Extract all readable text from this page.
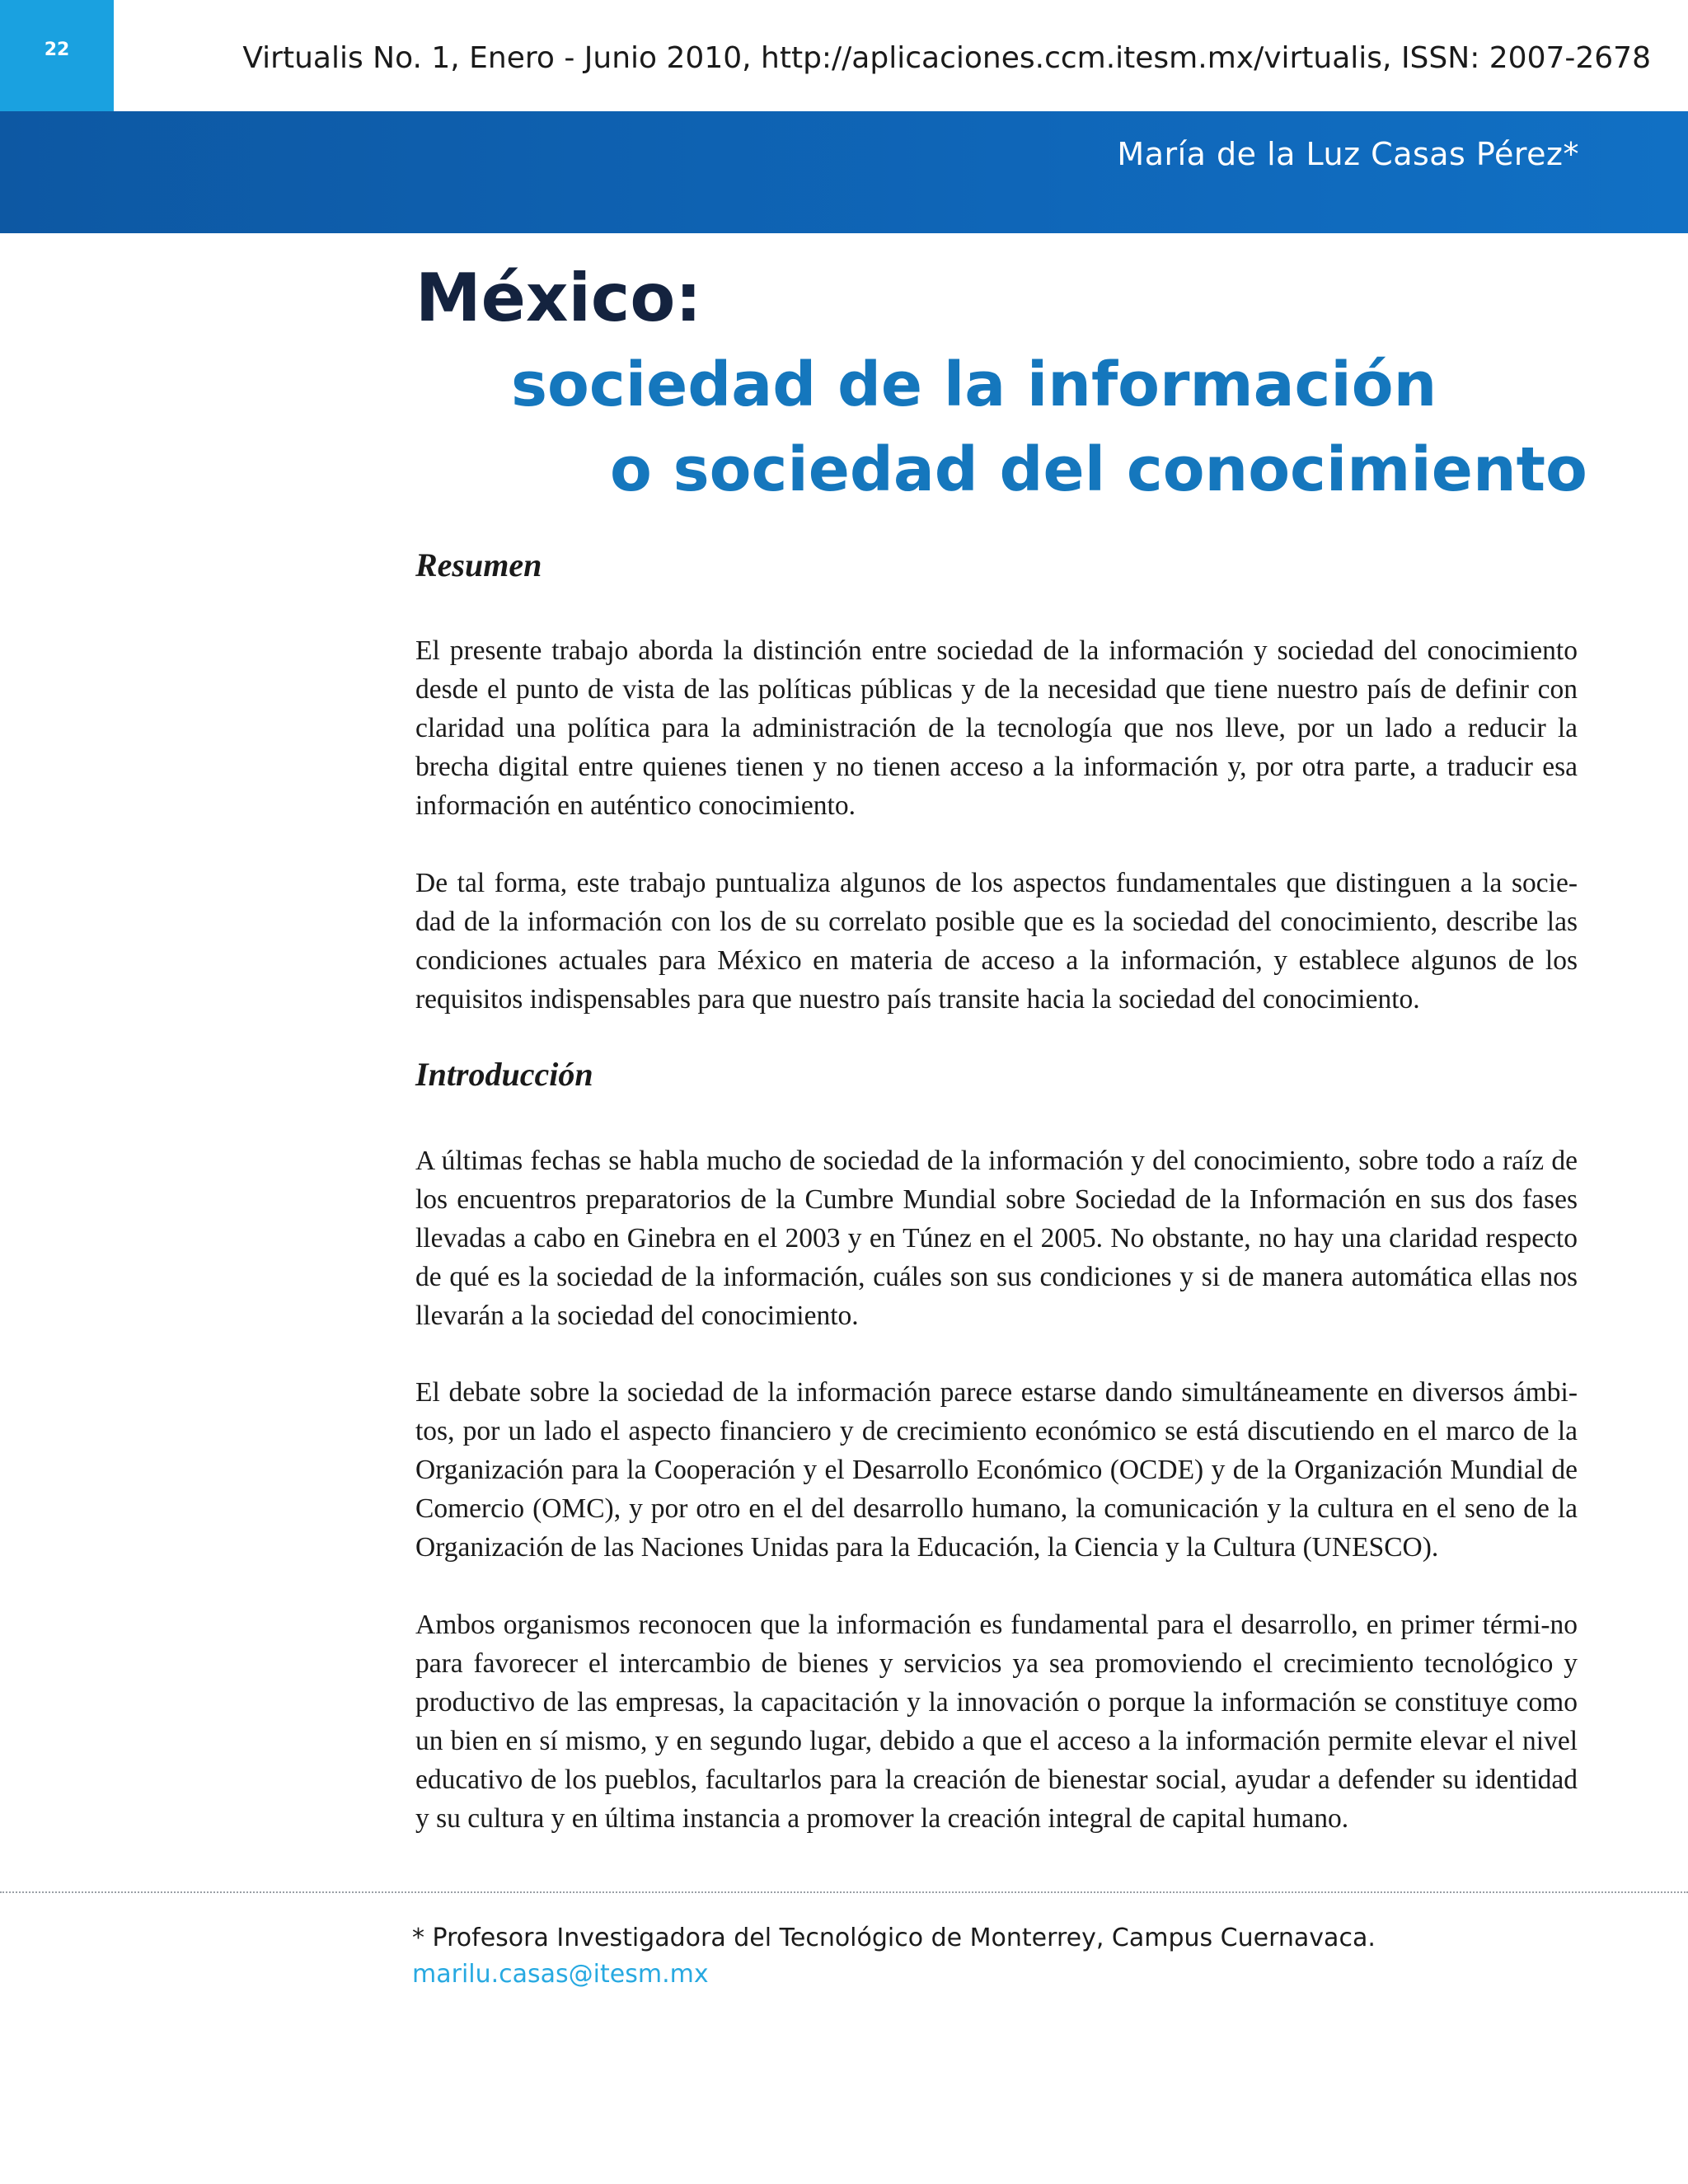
22	Virtualis No. 1, Enero - Junio 2010, http://aplicaciones.ccm.itesm.mx/virtualis, ISSN: 2007-2678
María de la Luz Casas Pérez*
México:
sociedad de la información
o sociedad del conocimiento
Resumen

El presente trabajo aborda la distinción entre sociedad de la información y sociedad del conocimiento desde el punto de vista de las políticas públicas y de la necesidad que tiene nuestro país de definir con claridad una política para la administración de la tecnología que nos lleve, por un lado a reducir la brecha digital entre quienes tienen y no tienen acceso a la información y, por otra parte, a traducir esa información en auténtico conocimiento.

De tal forma, este trabajo puntualiza algunos de los aspectos fundamentales que distinguen a la socie-dad de la información con los de su correlato posible que es la sociedad del conocimiento, describe las condiciones actuales para México en materia de acceso a la información, y establece algunos de los requisitos indispensables para que nuestro país transite hacia la sociedad del conocimiento.

Introducción

A últimas fechas se habla mucho de sociedad de la información y del conocimiento, sobre todo a raíz de los encuentros preparatorios de la Cumbre Mundial sobre Sociedad de la Información en sus dos fases llevadas a cabo en Ginebra en el 2003 y en Túnez en el 2005. No obstante, no hay una claridad respecto de qué es la sociedad de la información, cuáles son sus condiciones y si de manera automática ellas nos llevarán a la sociedad del conocimiento.

El debate sobre la sociedad de la información parece estarse dando simultáneamente en diversos ámbi-tos, por un lado el aspecto financiero y de crecimiento económico se está discutiendo en el marco de la Organización para la Cooperación y el Desarrollo Económico (OCDE) y de la Organización Mundial de Comercio (OMC), y por otro en el del desarrollo humano, la comunicación y la cultura en el seno de la Organización de las Naciones Unidas para la Educación, la Ciencia y la Cultura (UNESCO).

Ambos organismos reconocen que la información es fundamental para el desarrollo, en primer térmi-no para favorecer el intercambio de bienes y servicios ya sea promoviendo el crecimiento tecnológico y productivo de las empresas, la capacitación y la innovación o porque la información se constituye como un bien en sí mismo, y en segundo lugar, debido a que el acceso a la información permite elevar el nivel educativo de los pueblos, facultarlos para la creación de bienestar social, ayudar a defender su identidad y su cultura y en última instancia a promover la creación integral de capital humano.

* Profesora Investigadora del Tecnológico de Monterrey, Campus Cuernavaca.
marilu.casas@itesm.mx
